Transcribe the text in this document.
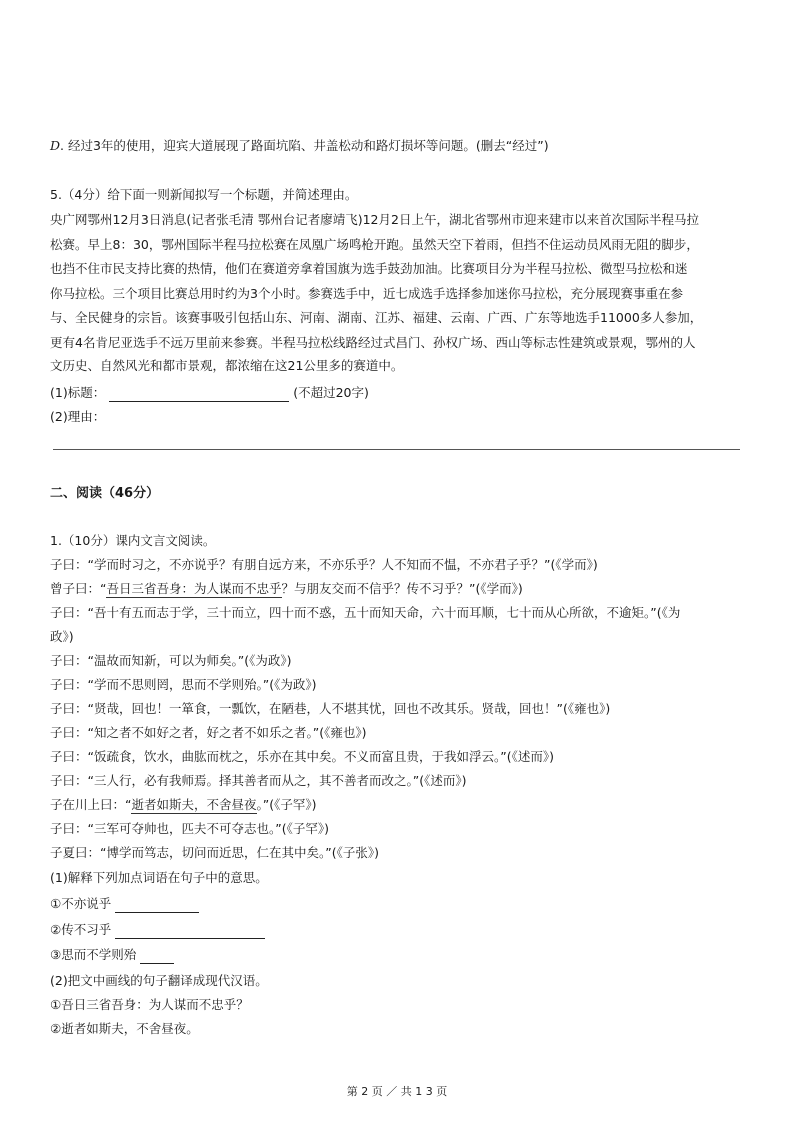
D. 经过3年的使用，迎宾大道展现了路面坑陷、井盖松动和路灯损坏等问题。(删去“经过”)
5.（4分）给下面一则新闻拟写一个标题，并简述理由。
央广网鄂州12月3日消息(记者张毛清 鄂州台记者廖靖飞)12月2日上午，湖北省鄂州市迎来建市以来首次国际半程马拉
松赛。早上8：30，鄂州国际半程马拉松赛在凤凰广场鸣枪开跑。虽然天空下着雨，但挡不住运动员风雨无阻的脚步，
也挡不住市民支持比赛的热情，他们在赛道旁拿着国旗为选手鼓劲加油。比赛项目分为半程马拉松、微型马拉松和迷
你马拉松。三个项目比赛总用时约为3个小时。参赛选手中，近七成选手选择参加迷你马拉松，充分展现赛事重在参
与、全民健身的宗旨。该赛事吸引包括山东、河南、湖南、江苏、福建、云南、广西、广东等地选手11000多人参加，
更有4名肯尼亚选手不远万里前来参赛。半程马拉松线路经过式昌门、孙权广场、西山等标志性建筑或景观，鄂州的人
文历史、自然风光和都市景观，都浓缩在这21公里多的赛道中。
(1)标题：	(不超过20字)
(2)理由：
二、阅读（46分）
1.（10分）课内文言文阅读。
子曰：“学而时习之，不亦说乎？有朋自远方来，不亦乐乎？人不知而不愠，不亦君子乎？”(《学而》)
曾子曰：“吾日三省吾身：为人谋而不忠乎？与朋友交而不信乎？传不习乎？”(《学而》)
子曰：“吾十有五而志于学，三十而立，四十而不惑，五十而知天命，六十而耳顺，七十而从心所欲，不逾矩。”(《为
政》)
子曰：“温故而知新，可以为师矣。”(《为政》)
子曰：“学而不思则罔，思而不学则殆。”(《为政》)
子曰：“贤哉，回也！一箪食，一瓢饮，在陋巷，人不堪其忧，回也不改其乐。贤哉，回也！”(《雍也》)
子曰：“知之者不如好之者，好之者不如乐之者。”(《雍也》)
子曰：“饭疏食，饮水，曲肱而枕之，乐亦在其中矣。不义而富且贵，于我如浮云。”(《述而》)
子曰：“三人行，必有我师焉。择其善者而从之，其不善者而改之。”(《述而》)
子在川上曰：“逝者如斯夫，不舍昼夜。”(《子罕》)
子曰：“三军可夺帅也，匹夫不可夺志也。”(《子罕》)
子夏曰：“博学而笃志，切问而近思，仁在其中矣。”(《子张》)
(1)解释下列加点词语在句子中的意思。
①不亦说乎
②传不习乎
③思而不学则殆
(2)把文中画线的句子翻译成现代汉语。
①吾日三省吾身：为人谋而不忠乎？
②逝者如斯夫，不舍昼夜。
第 2 页 ／ 共 1 3 页
